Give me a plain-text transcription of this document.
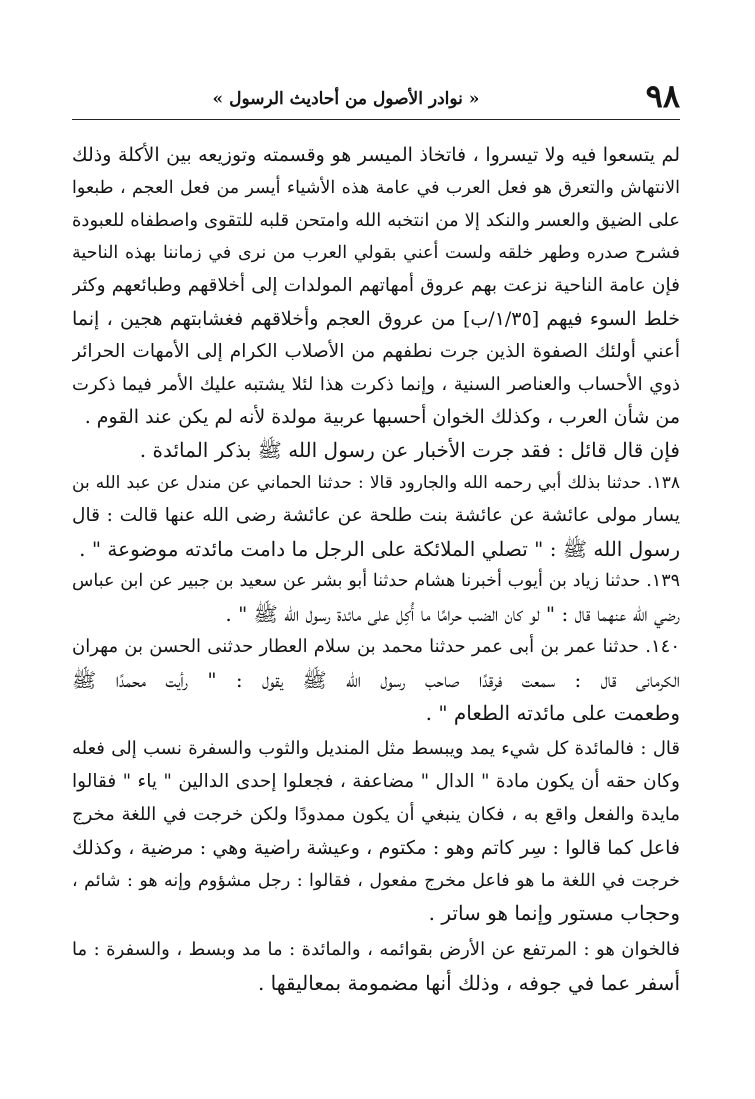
٩٨
« نوادر الأصول من أحاديث الرسول »
لم يتسعوا فيه ولا تيسروا ، فاتخاذ الميسر هو وقسمته وتوزيعه بين الأكلة وذلك
الانتهاش والتعرق هو فعل العرب في عامة هذه الأشياء أيسر من فعل العجم ، طبعوا
على الضيق والعسر والنكد إلا من انتخبه الله وامتحن قلبه للتقوى واصطفاه للعبودة
فشرح صدره وطهر خلقه ولست أعني بقولي العرب من نرى في زماننا بهذه الناحية
فإن عامة الناحية نزعت بهم عروق أمهاتهم المولدات إلى أخلاقهم وطبائعهم وكثر
خلط السوء فيهم [١/٣٥/ب] من عروق العجم وأخلاقهم فغشابتهم هجين ، إنما
أعني أولئك الصفوة الذين جرت نطفهم من الأصلاب الكرام إلى الأمهات الحرائر
ذوي الأحساب والعناصر السنية ، وإنما ذكرت هذا لئلا يشتبه عليك الأمر فيما ذكرت
من شأن العرب ، وكذلك الخوان أحسبها عربية مولدة لأنه لم يكن عند القوم .
فإن قال قائل : فقد جرت الأخبار عن رسول الله ﷺ بذكر المائدة .
١٣٨. حدثنا بذلك أبي رحمه الله والجارود قالا : حدثنا الحماني عن مندل عن عبد الله بن
يسار مولى عائشة عن عائشة بنت طلحة عن عائشة رضى الله عنها قالت : قال
رسول الله ﷺ : " تصلي الملائكة على الرجل ما دامت مائدته موضوعة " .
١٣٩. حدثنا زياد بن أيوب أخبرنا هشام حدثنا أبو بشر عن سعيد بن جبير عن ابن عباس
رضي الله عنهما قال : " لو كان الضب حرامًا ما أُكِل على مائدة رسول الله ﷺ " .
١٤٠. حدثنا عمر بن أبى عمر حدثنا محمد بن سلام العطار حدثنى الحسن بن مهران
الكرمانى قال : سمعت فرقدًا صاحب رسول الله ﷺ يقول : " رأيت محمدًا ﷺ
وطعمت على مائدته الطعام " .
قال : فالمائدة كل شيء يمد ويبسط مثل المنديل والثوب والسفرة نسب إلى فعله
وكان حقه أن يكون مادة " الدال " مضاعفة ، فجعلوا إحدى الدالين " ياء " فقالوا
مايدة والفعل واقع به ، فكان ينبغي أن يكون ممدودًا ولكن خرجت في اللغة مخرج
فاعل كما قالوا : سِر كاتم وهو : مكتوم ، وعيشة راضية وهي : مرضية ، وكذلك
خرجت في اللغة ما هو فاعل مخرج مفعول ، فقالوا : رجل مشؤوم وإنه هو : شائم ،
وحجاب مستور وإنما هو ساتر .
فالخوان هو : المرتفع عن الأرض بقوائمه ، والمائدة : ما مد وبسط ، والسفرة : ما
أسفر عما في جوفه ، وذلك أنها مضمومة بمعاليقها .
